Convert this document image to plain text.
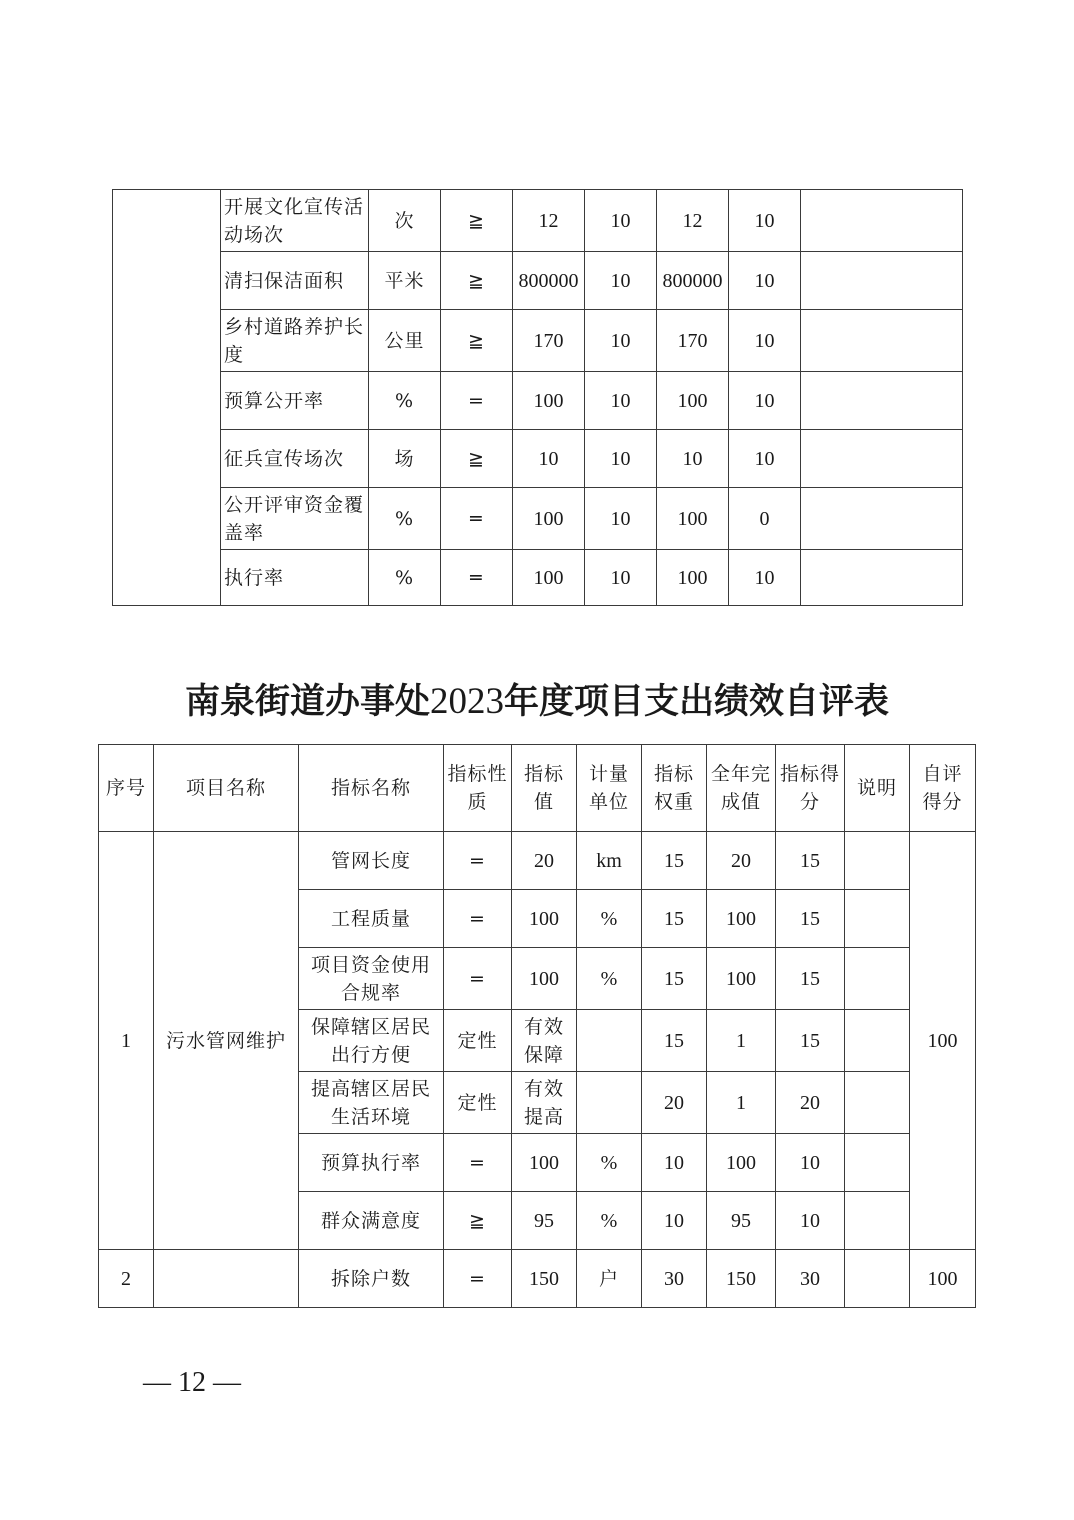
	开展文化宣传活动场次	次	≧	12	10	12	10	
	清扫保洁面积	平米	≧	800000	10	800000	10	
	乡村道路养护长度	公里	≧	170	10	170	10	
	预算公开率	%	=	100	10	100	10	
	征兵宣传场次	场	≧	10	10	10	10	
	公开评审资金覆盖率	%	═	100	10	100	0	

	执行率	%	═	100	10	100	10	
南泉街道办事处2023年度项目支出绩效自评表
序号	项目名称	指标名称	指标性质	指标值	计量单位	指标权重	全年完成值	指标得分	说明	自评得分
1	污水管网维护	管网长度	=	20	km	15	20	15		100
		工程质量	=	100	%	15	100	15		
		项目资金使用合规率	=	100	%	15	100	15		
		保障辖区居民出行方便	定性	有效保障		15	1	15		
		提高辖区居民生活环境	定性	有效提高		20	1	20		
		预算执行率	=	100	%	10	100	10		
		群众满意度	≧	95	%	10	95	10		
2		拆除户数	=	150	户	30	150	30		100
— 12 —
